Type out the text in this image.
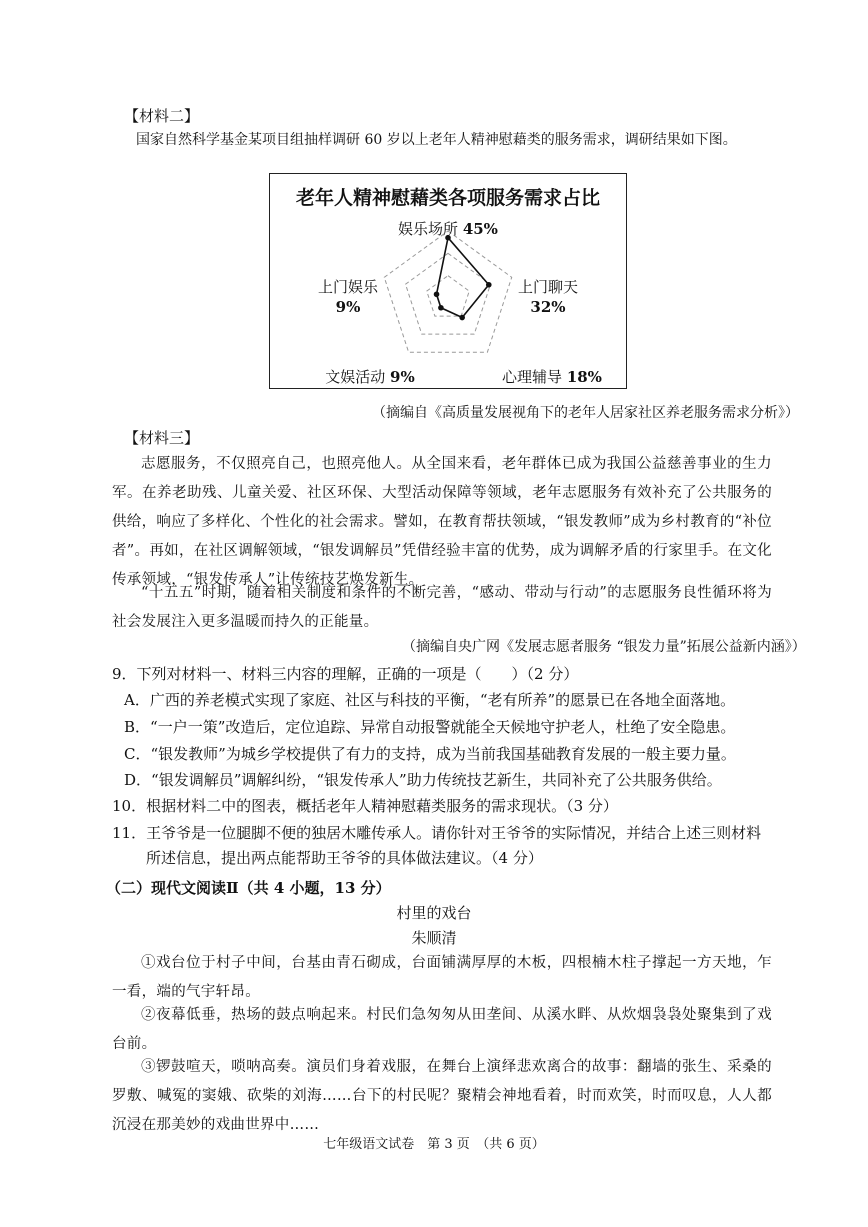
【材料二】
国家自然科学基金某项目组抽样调研 60 岁以上老年人精神慰藉类的服务需求，调研结果如下图。
老年人精神慰藉类各项服务需求占比
娱乐场所 45%
上门聊天
32%
心理辅导 18%
文娱活动 9%
上门娱乐
9%
（摘编自《高质量发展视角下的老年人居家社区养老服务需求分析》）
【材料三】
志愿服务，不仅照亮自己，也照亮他人。从全国来看，老年群体已成为我国公益慈善事业的生力军。在养老助残、儿童关爱、社区环保、大型活动保障等领域，老年志愿服务有效补充了公共服务的供给，响应了多样化、个性化的社会需求。譬如，在教育帮扶领域，“银发教师”成为乡村教育的“补位者”。再如，在社区调解领域，“银发调解员”凭借经验丰富的优势，成为调解矛盾的行家里手。在文化传承领域，“银发传承人”让传统技艺焕发新生。
“十五五”时期，随着相关制度和条件的不断完善，“感动、带动与行动”的志愿服务良性循环将为社会发展注入更多温暖而持久的正能量。
（摘编自央广网《发展志愿者服务 “银发力量”拓展公益新内涵》）
9．下列对材料一、材料三内容的理解，正确的一项是（　　）（2 分）
A．广西的养老模式实现了家庭、社区与科技的平衡，“老有所养”的愿景已在各地全面落地。
B．“一户一策”改造后，定位追踪、异常自动报警就能全天候地守护老人，杜绝了安全隐患。
C．“银发教师”为城乡学校提供了有力的支持，成为当前我国基础教育发展的一般主要力量。
D．“银发调解员”调解纠纷，“银发传承人”助力传统技艺新生，共同补充了公共服务供给。
10．根据材料二中的图表，概括老年人精神慰藉类服务的需求现状。（3 分）
11．王爷爷是一位腿脚不便的独居木雕传承人。请你针对王爷爷的实际情况，并结合上述三则材料
所述信息，提出两点能帮助王爷爷的具体做法建议。（4 分）
（二）现代文阅读Ⅱ（共 4 小题，13 分）
村里的戏台
朱顺清
①戏台位于村子中间，台基由青石砌成，台面铺满厚厚的木板，四根楠木柱子撑起一方天地，乍一看，端的气宇轩昂。
②夜幕低垂，热场的鼓点响起来。村民们急匆匆从田垄间、从溪水畔、从炊烟袅袅处聚集到了戏台前。
③锣鼓喧天，唢呐高奏。演员们身着戏服，在舞台上演绎悲欢离合的故事：翻墙的张生、采桑的罗敷、喊冤的窦娥、砍柴的刘海……台下的村民呢？聚精会神地看着，时而欢笑，时而叹息，人人都沉浸在那美妙的戏曲世界中……
七年级语文试卷　第 3 页　（共 6 页）
